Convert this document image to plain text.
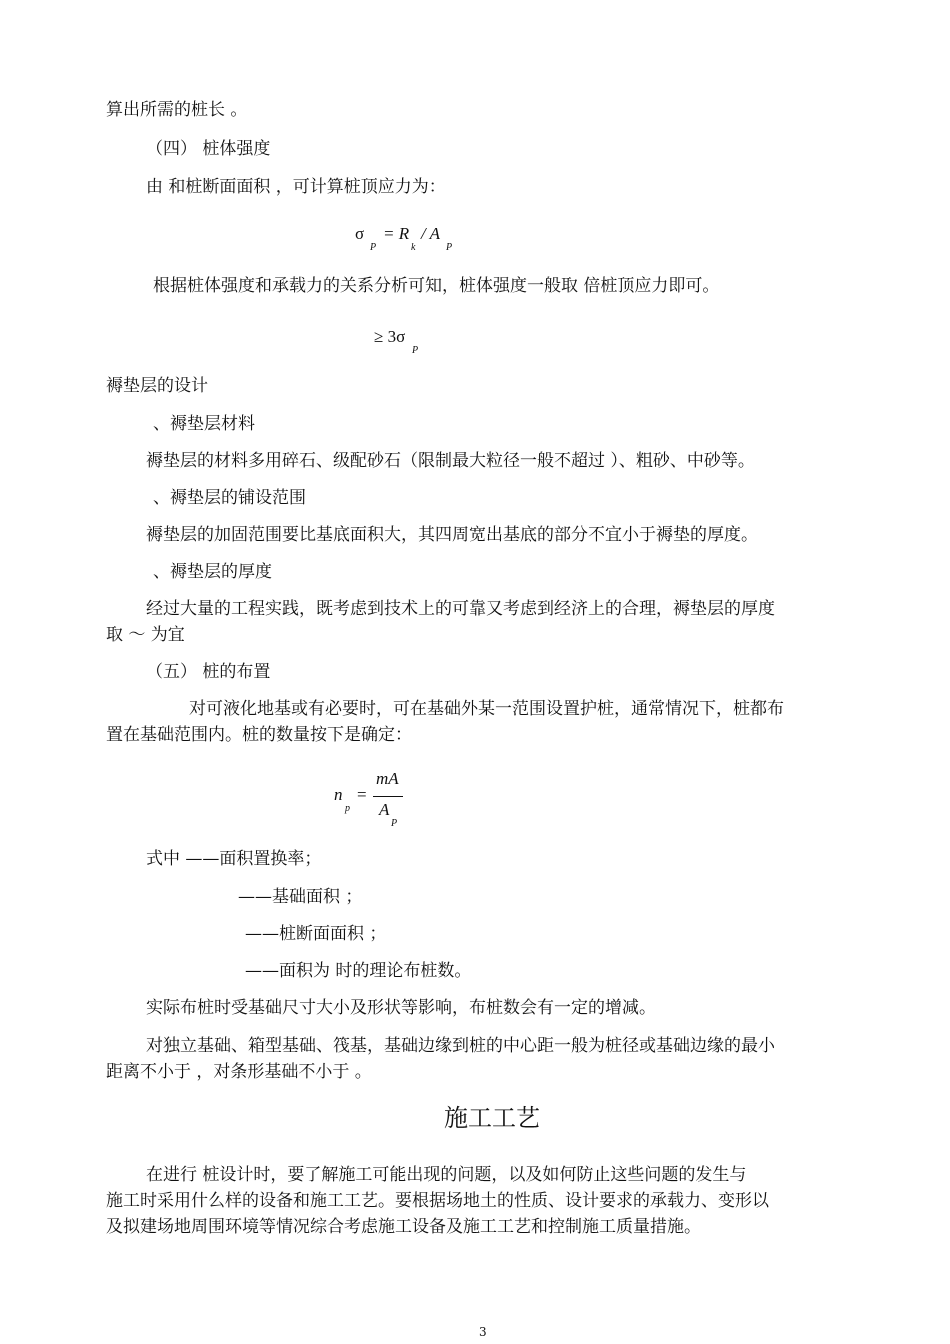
算出所需的桩长 。
（四） 桩体强度
由 和桩断面面积 ，可计算桩顶应力为：
σ
P
= R
k
/ A
P
根据桩体强度和承载力的关系分析可知，桩体强度一般取 倍桩顶应力即可。
≥ 3σ
P
褥垫层的设计
、褥垫层材料
褥垫层的材料多用碎石、级配砂石（限制最大粒径一般不超过 ）、粗砂、中砂等。
、褥垫层的铺设范围
褥垫层的加固范围要比基底面积大，其四周宽出基底的部分不宜小于褥垫的厚度。
、褥垫层的厚度
经过大量的工程实践，既考虑到技术上的可靠又考虑到经济上的合理，褥垫层的厚度
取 ～ 为宜
（五） 桩的布置
对可液化地基或有必要时，可在基础外某一范围设置护桩，通常情况下，桩都布
置在基础范围内。桩的数量按下是确定：
n
p
=
mA
A
P
式中 ——面积置换率；
——基础面积 ；
——桩断面面积 ；
——面积为 时的理论布桩数。
实际布桩时受基础尺寸大小及形状等影响，布桩数会有一定的增减。
对独立基础、箱型基础、筏基，基础边缘到桩的中心距一般为桩径或基础边缘的最小
距离不小于 ，对条形基础不小于 。
施工工艺
在进行 桩设计时，要了解施工可能出现的问题，以及如何防止这些问题的发生与
施工时采用什么样的设备和施工工艺。要根据场地土的性质、设计要求的承载力、变形以
及拟建场地周围环境等情况综合考虑施工设备及施工工艺和控制施工质量措施。
3
